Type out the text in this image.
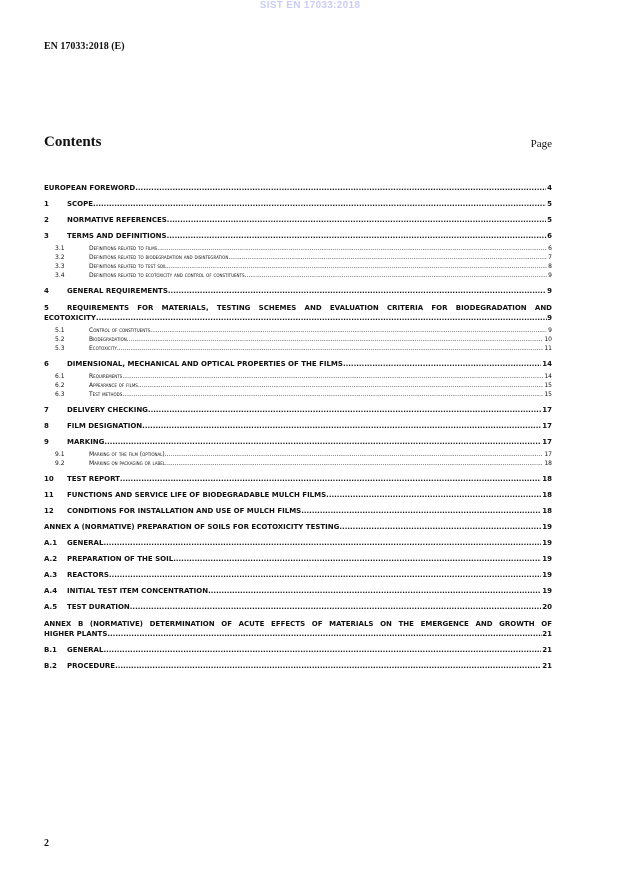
SIST EN 17033:2018
EN 17033:2018 (E)
Contents	Page
EUROPEAN FOREWORD .....	4
1	SCOPE .....	5
2	NORMATIVE REFERENCES .....	5
3	TERMS AND DEFINITIONS .....	6
3.1	Definitions related to films .....	6
3.2	Definitions related to biodegradation and disintegration .....	7
3.3	Definitions related to test soil .....	8
3.4	Definitions related to ecotoxicity and control of constituents .....	9
4	GENERAL REQUIREMENTS .....	9
5	REQUIREMENTS FOR MATERIALS, TESTING SCHEMES AND EVALUATION CRITERIA FOR BIODEGRADATION AND
ECOTOXICITY .....	9
5.1	Control of constituents .....	9
5.2	Biodegradation .....	10
5.3	Ecotoxicity .....	11
6	DIMENSIONAL, MECHANICAL AND OPTICAL PROPERTIES OF THE FILMS .....	14
6.1	Requirements .....	14
6.2	Appearance of films .....	15
6.3	Test methods .....	15
7	DELIVERY CHECKING .....	17
8	FILM DESIGNATION .....	17
9	MARKING .....	17
9.1	Marking of the film (optional) .....	17
9.2	Marking on packaging or label .....	18
10	TEST REPORT .....	18
11	FUNCTIONS AND SERVICE LIFE OF BIODEGRADABLE MULCH FILMS .....	18
12	CONDITIONS FOR INSTALLATION AND USE OF MULCH FILMS .....	18
ANNEX A (NORMATIVE) PREPARATION OF SOILS FOR ECOTOXICITY TESTING .....	19
A.1	GENERAL .....	19
A.2	PREPARATION OF THE SOIL .....	19
A.3	REACTORS .....	19
A.4	INITIAL TEST ITEM CONCENTRATION .....	19
A.5	TEST DURATION .....	20
ANNEX B (NORMATIVE) DETERMINATION OF ACUTE EFFECTS OF MATERIALS ON THE EMERGENCE AND GROWTH OF
HIGHER PLANTS .....	21
B.1	GENERAL .....	21
B.2	PROCEDURE .....	21
2
